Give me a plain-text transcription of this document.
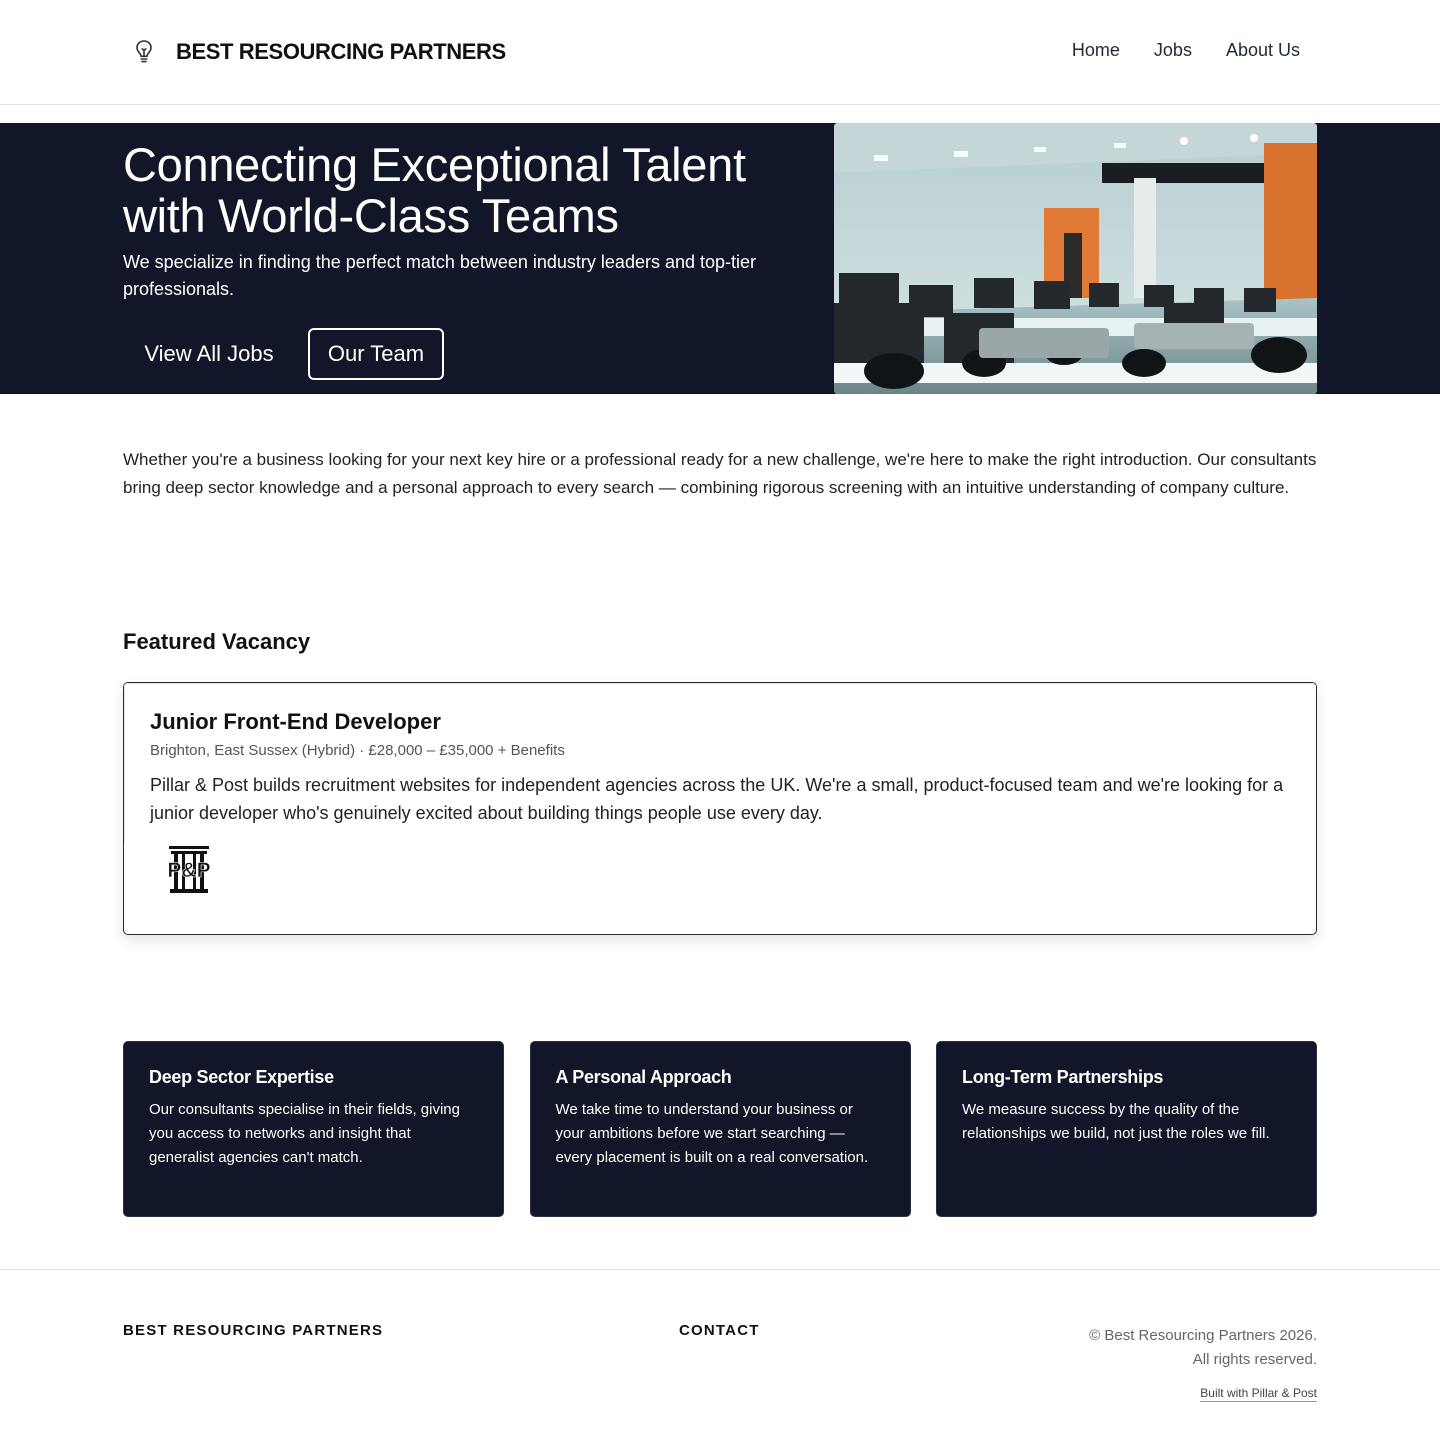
BEST RESOURCING PARTNERS	Home Jobs About Us
Connecting Exceptional Talent with World-Class Teams

We specialize in finding the perfect match between industry leaders and top-tier professionals.

View All Jobs	Our Team

Whether you're a business looking for your next key hire or a professional ready for a new challenge, we're here to make the right introduction. Our consultants bring deep sector knowledge and a personal approach to every search — combining rigorous screening with an intuitive understanding of company culture.

Featured Vacancy
Junior Front-End Developer

Brighton, East Sussex (Hybrid) · £28,000 – £35,000 + Benefits

Pillar & Post builds recruitment websites for independent agencies across the UK. We're a small, product-focused team and we're looking for a junior developer who's genuinely excited about building things people use every day.

P&P
Deep Sector Expertise

Our consultants specialise in their fields, giving you access to networks and insight that generalist agencies can't match.

A Personal Approach

We take time to understand your business or your ambitions before we start searching — every placement is built on a real conversation.

Long-Term Partnerships

We measure success by the quality of the relationships we build, not just the roles we fill.

BEST RESOURCING PARTNERS	CONTACT	© Best Resourcing Partners 2026.
All rights reserved.
Built with Pillar & Post
